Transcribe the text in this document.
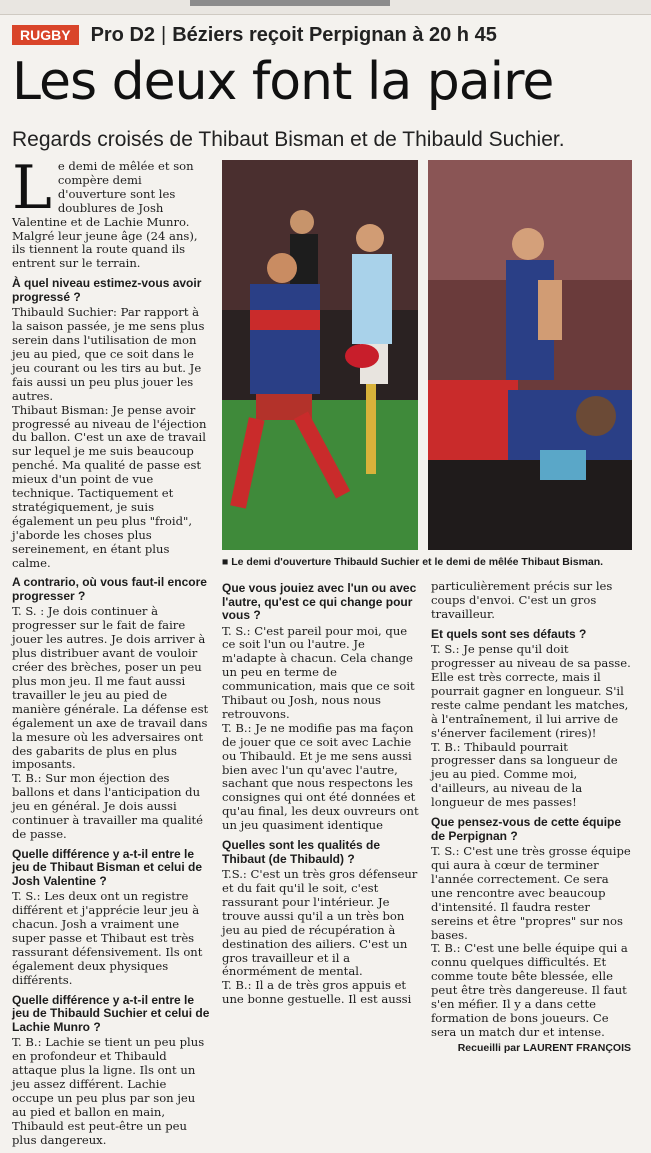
RUGBY	Pro D2 | Béziers reçoit Perpignan à 20 h 45
Les deux font la paire
Regards croisés de Thibaut Bisman et de Thibauld Suchier.

Le demi de mêlée et son compère demi d'ouverture sont les doublures de Josh Valentine et de Lachie Munro. Malgré leur jeune âge (24 ans), ils tiennent la route quand ils entrent sur le terrain.

À quel niveau estimez-vous avoir progressé ?

Thibauld Suchier: Par rapport à la saison passée, je me sens plus serein dans l'utilisation de mon jeu au pied, que ce soit dans le jeu courant ou les tirs au but. Je fais aussi un peu plus jouer les autres.

Thibaut Bisman: Je pense avoir progressé au niveau de l'éjection du ballon. C'est un axe de travail sur lequel je me suis beaucoup penché. Ma qualité de passe est mieux d'un point de vue technique. Tactiquement et stratégiquement, je suis également un peu plus "froid", j'aborde les choses plus sereinement, en étant plus calme.

A contrario, où vous faut-il encore progresser ?

T. S. : Je dois continuer à progresser sur le fait de faire jouer les autres. Je dois arriver à plus distribuer avant de vouloir créer des brèches, poser un peu plus mon jeu. Il me faut aussi travailler le jeu au pied de manière générale. La défense est également un axe de travail dans la mesure où les adversaires ont des gabarits de plus en plus imposants.

T. B.: Sur mon éjection des ballons et dans l'anticipation du jeu en général. Je dois aussi continuer à travailler ma qualité de passe.

Quelle différence y a-t-il entre le jeu de Thibaut Bisman et celui de Josh Valentine ?

T. S.: Les deux ont un registre différent et j'apprécie leur jeu à chacun. Josh a vraiment une super passe et Thibaut est très rassurant défensivement. Ils ont également deux physiques différents.

Quelle différence y a-t-il entre le jeu de Thibauld Suchier et celui de Lachie Munro ?

T. B.: Lachie se tient un peu plus en profondeur et Thibauld attaque plus la ligne. Ils ont un jeu assez différent. Lachie occupe un peu plus par son jeu au pied et ballon en main, Thibauld est peut-être un peu plus dangereux.

■ Le demi d'ouverture Thibauld Suchier et le demi de mêlée Thibaut Bisman.
Que vous jouiez avec l'un ou avec l'autre, qu'est ce qui change pour vous ?

T. S.: C'est pareil pour moi, que ce soit l'un ou l'autre. Je m'adapte à chacun. Cela change un peu en terme de communication, mais que ce soit Thibaut ou Josh, nous nous retrouvons.

T. B.: Je ne modifie pas ma façon de jouer que ce soit avec Lachie ou Thibauld. Et je me sens aussi bien avec l'un qu'avec l'autre, sachant que nous respectons les consignes qui ont été données et qu'au final, les deux ouvreurs ont un jeu quasiment identique

Quelles sont les qualités de Thibaut (de Thibauld) ?

T.S.: C'est un très gros défenseur et du fait qu'il le soit, c'est rassurant pour l'intérieur. Je trouve aussi qu'il a un très bon jeu au pied de récupération à destination des ailiers. C'est un gros travailleur et il a énormément de mental.

T. B.: Il a de très gros appuis et une bonne gestuelle. Il est aussi

particulièrement précis sur les coups d'envoi. C'est un gros travailleur.

Et quels sont ses défauts ?

T. S.: Je pense qu'il doit progresser au niveau de sa passe. Elle est très correcte, mais il pourrait gagner en longueur. S'il reste calme pendant les matches, à l'entraînement, il lui arrive de s'énerver facilement (rires)!

T. B.: Thibauld pourrait progresser dans sa longueur de jeu au pied. Comme moi, d'ailleurs, au niveau de la longueur de mes passes!

Que pensez-vous de cette équipe de Perpignan ?

T. S.: C'est une très grosse équipe qui aura à cœur de terminer l'année correctement. Ce sera une rencontre avec beaucoup d'intensité. Il faudra rester sereins et être "propres" sur nos bases.

T. B.: C'est une belle équipe qui a connu quelques difficultés. Et comme toute bête blessée, elle peut être très dangereuse. Il faut s'en méfier. Il y a dans cette formation de bons joueurs. Ce sera un match dur et intense.

Recueilli par LAURENT FRANÇOIS
